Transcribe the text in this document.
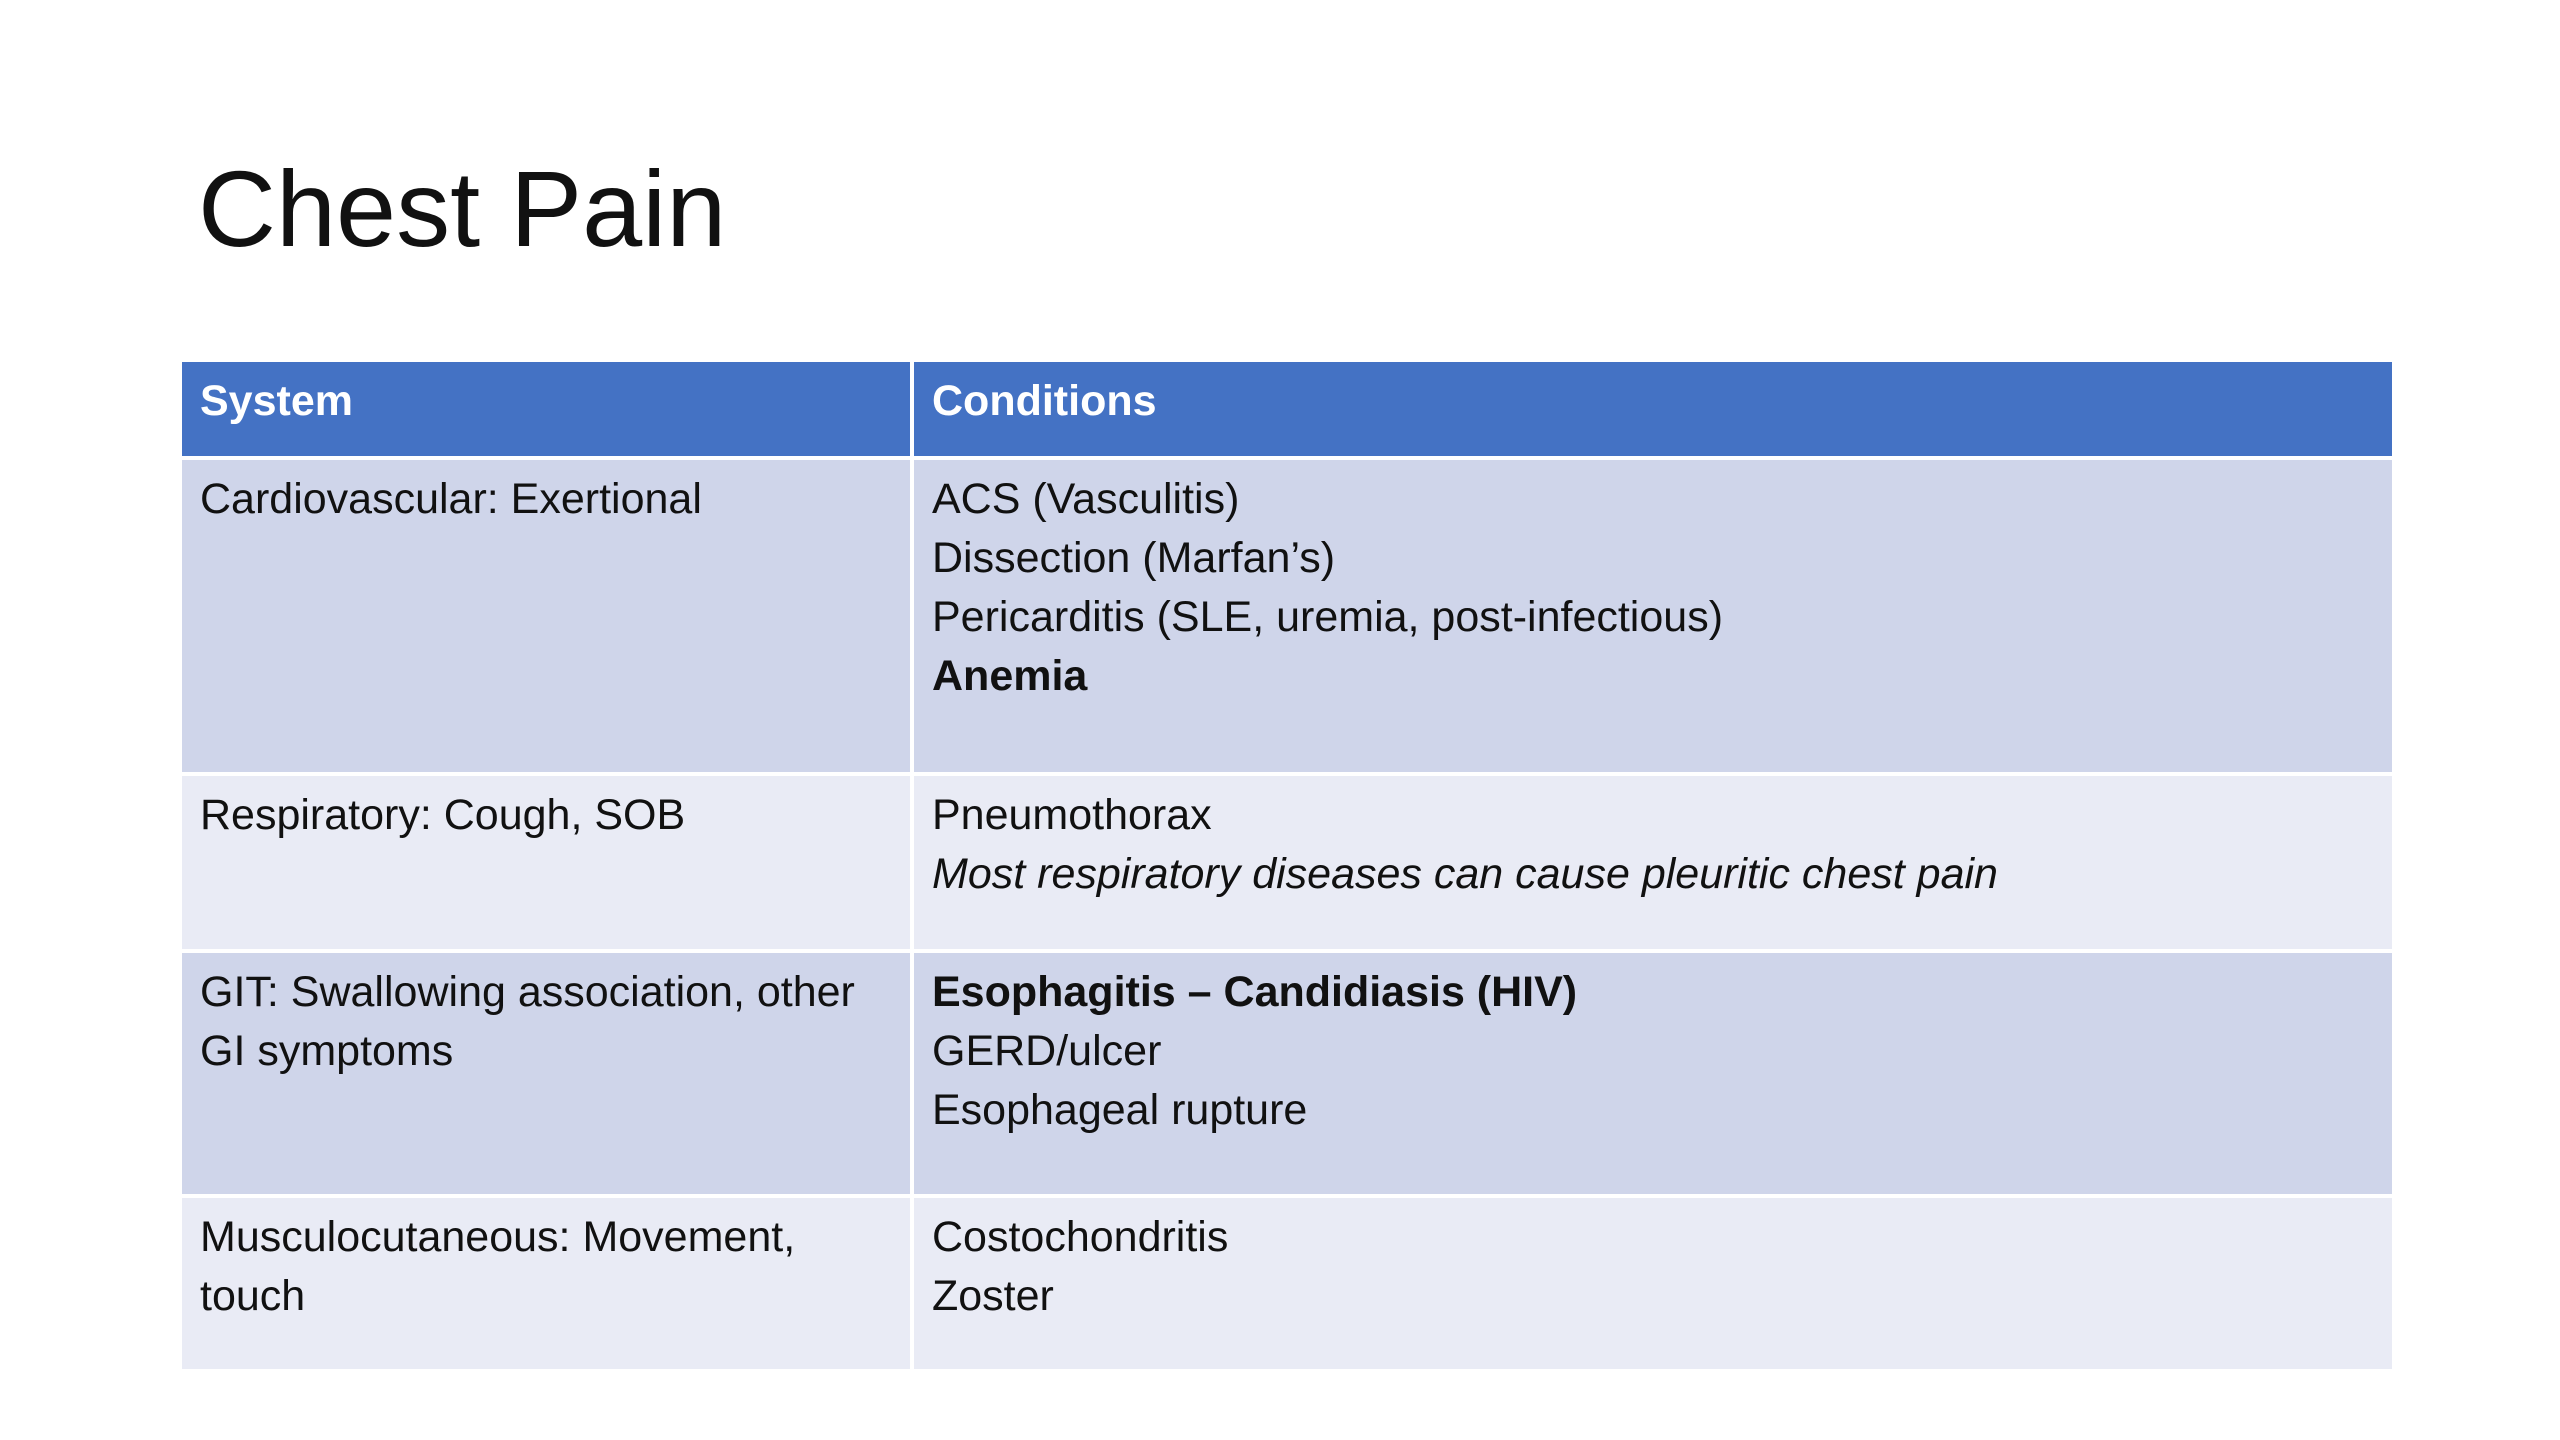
Chest Pain
System	Conditions
Cardiovascular: Exertional	ACS (Vasculitis)
Dissection (Marfan’s)
Pericarditis (SLE, uremia, post-infectious)
Anemia

Respiratory: Cough, SOB	Pneumothorax
Most respiratory diseases can cause pleuritic chest pain

GIT: Swallowing association, other GI symptoms	Esophagitis – Candidiasis (HIV)
GERD/ulcer
Esophageal rupture

Musculocutaneous: Movement, touch	Costochondritis
Zoster
